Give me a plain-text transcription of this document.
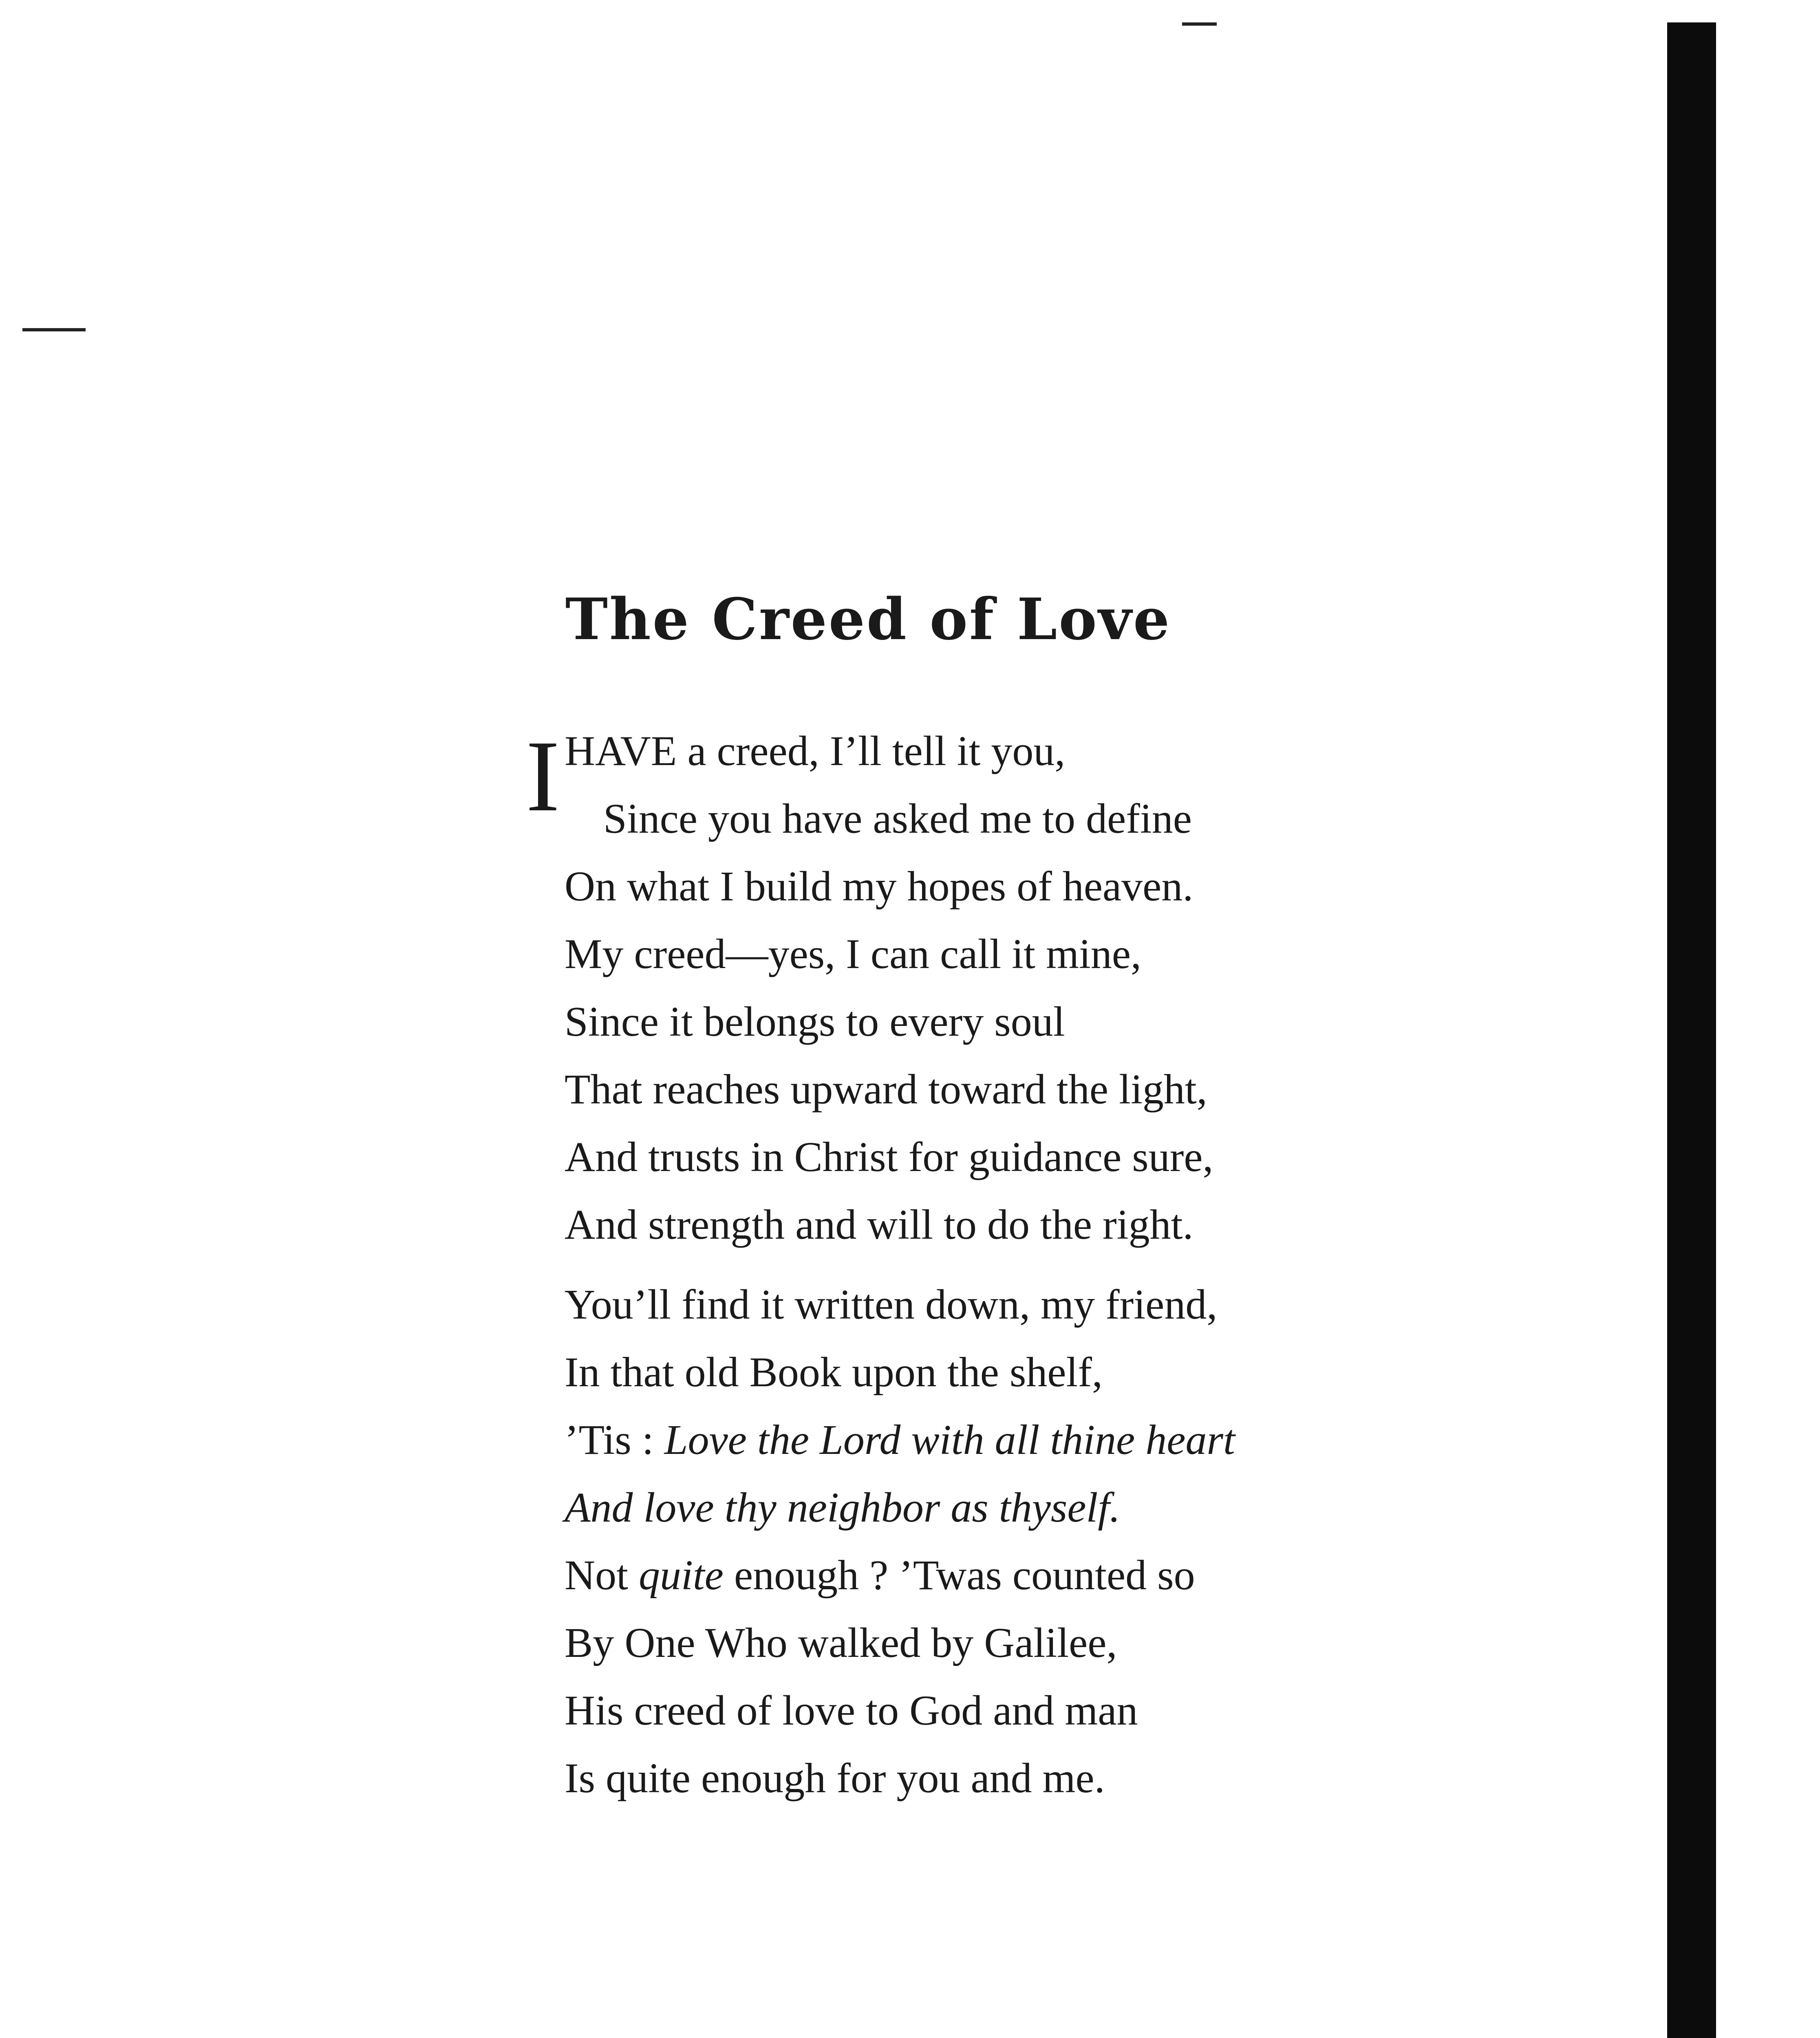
The Creed of Love
I HAVE a creed, I’ll tell it you,
Since you have asked me to define
On what I build my hopes of heaven.
My creed—yes, I can call it mine,
Since it belongs to every soul
That reaches upward toward the light,
And trusts in Christ for guidance sure,
And strength and will to do the right.
You’ll find it written down, my friend,
In that old Book upon the shelf,
’Tis : Love the Lord with all thine heart
And love thy neighbor as thyself.
Not quite enough ? ’Twas counted so
By One Who walked by Galilee,
His creed of love to God and man
Is quite enough for you and me.
